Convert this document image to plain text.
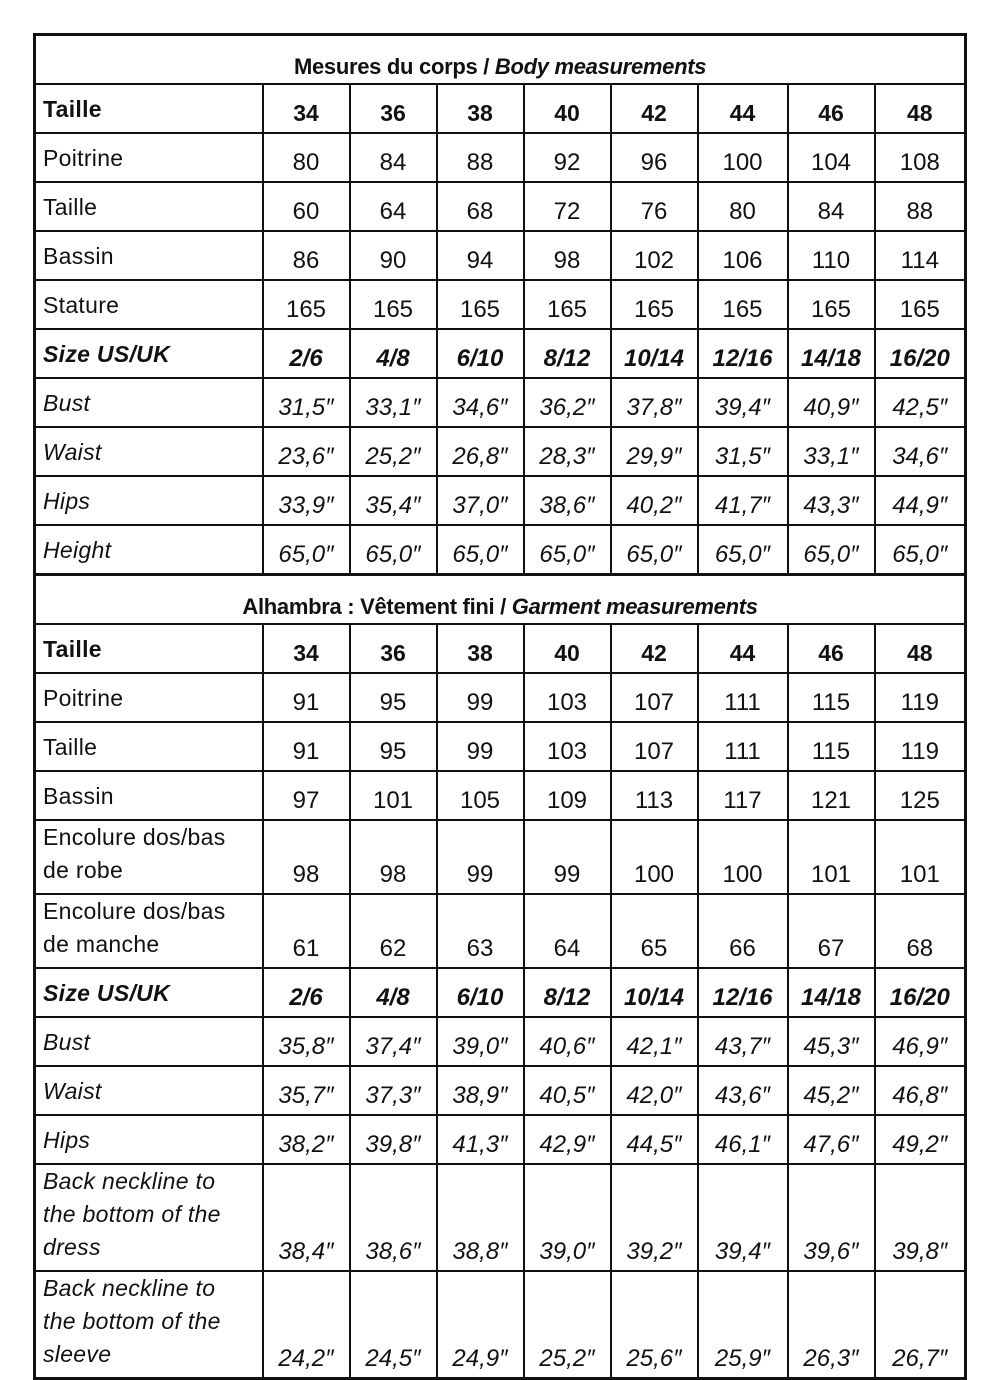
Mesures du corps / Body measurements								
Taille	34	36	38	40	42	44	46	48
Poitrine	80	84	88	92	96	100	104	108
Taille	60	64	68	72	76	80	84	88
Bassin	86	90	94	98	102	106	110	114
Stature	165	165	165	165	165	165	165	165
Size US/UK	2/6	4/8	6/10	8/12	10/14	12/16	14/18	16/20
Bust	31,5″	33,1″	34,6″	36,2″	37,8″	39,4″	40,9″	42,5″
Waist	23,6″	25,2″	26,8″	28,3″	29,9″	31,5″	33,1″	34,6″
Hips	33,9″	35,4″	37,0″	38,6″	40,2″	41,7″	43,3″	44,9″
Height	65,0″	65,0″	65,0″	65,0″	65,0″	65,0″	65,0″	65,0″
Alhambra : Vêtement fini / Garment measurements								
Taille	34	36	38	40	42	44	46	48
Poitrine	91	95	99	103	107	111	115	119
Taille	91	95	99	103	107	111	115	119
Bassin	97	101	105	109	113	117	121	125
Encolure dos/bas
de robe	98	98	99	99	100	100	101	101
Encolure dos/bas
de manche	61	62	63	64	65	66	67	68
Size US/UK	2/6	4/8	6/10	8/12	10/14	12/16	14/18	16/20
Bust	35,8″	37,4″	39,0″	40,6″	42,1″	43,7″	45,3″	46,9″
Waist	35,7″	37,3″	38,9″	40,5″	42,0″	43,6″	45,2″	46,8″
Hips	38,2″	39,8″	41,3″	42,9″	44,5″	46,1″	47,6″	49,2″
Back neckline to
the bottom of the
dress	38,4″	38,6″	38,8″	39,0″	39,2″	39,4″	39,6″	39,8″
Back neckline to
the bottom of the
sleeve	24,2″	24,5″	24,9″	25,2″	25,6″	25,9″	26,3″	26,7″
